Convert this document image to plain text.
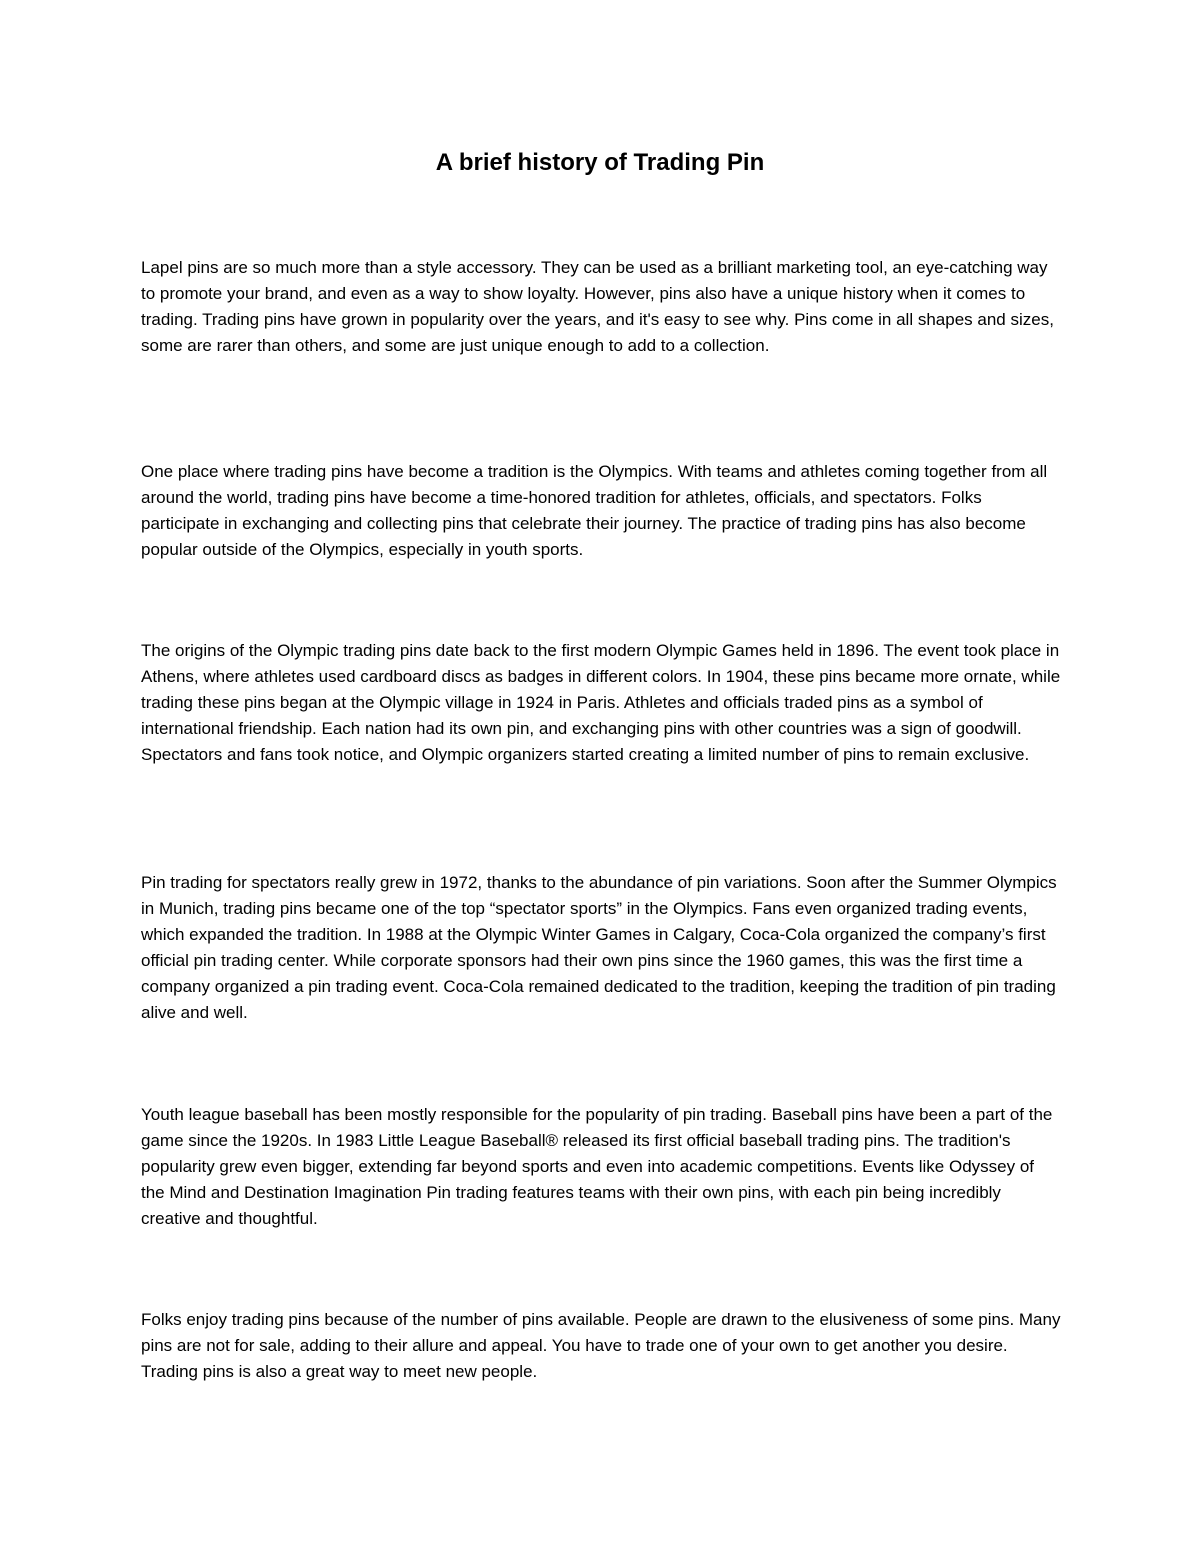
A brief history of Trading Pin

Lapel pins are so much more than a style accessory. They can be used as a brilliant marketing tool, an eye-catching way to promote your brand, and even as a way to show loyalty. However, pins also have a unique history when it comes to trading. Trading pins have grown in popularity over the years, and it's easy to see why. Pins come in all shapes and sizes, some are rarer than others, and some are just unique enough to add to a collection.

One place where trading pins have become a tradition is the Olympics. With teams and athletes coming together from all around the world, trading pins have become a time-honored tradition for athletes, officials, and spectators. Folks participate in exchanging and collecting pins that celebrate their journey. The practice of trading pins has also become popular outside of the Olympics, especially in youth sports.

The origins of the Olympic trading pins date back to the first modern Olympic Games held in 1896. The event took place in Athens, where athletes used cardboard discs as badges in different colors. In 1904, these pins became more ornate, while trading these pins began at the Olympic village in 1924 in Paris. Athletes and officials traded pins as a symbol of international friendship. Each nation had its own pin, and exchanging pins with other countries was a sign of goodwill. Spectators and fans took notice, and Olympic organizers started creating a limited number of pins to remain exclusive.

Pin trading for spectators really grew in 1972, thanks to the abundance of pin variations. Soon after the Summer Olympics in Munich, trading pins became one of the top “spectator sports” in the Olympics. Fans even organized trading events, which expanded the tradition. In 1988 at the Olympic Winter Games in Calgary, Coca-Cola organized the company’s first official pin trading center. While corporate sponsors had their own pins since the 1960 games, this was the first time a company organized a pin trading event. Coca-Cola remained dedicated to the tradition, keeping the tradition of pin trading alive and well.

Youth league baseball has been mostly responsible for the popularity of pin trading. Baseball pins have been a part of the game since the 1920s. In 1983 Little League Baseball® released its first official baseball trading pins. The tradition's popularity grew even bigger, extending far beyond sports and even into academic competitions. Events like Odyssey of the Mind and Destination Imagination Pin trading features teams with their own pins, with each pin being incredibly creative and thoughtful.

Folks enjoy trading pins because of the number of pins available. People are drawn to the elusiveness of some pins. Many pins are not for sale, adding to their allure and appeal. You have to trade one of your own to get another you desire. Trading pins is also a great way to meet new people.
